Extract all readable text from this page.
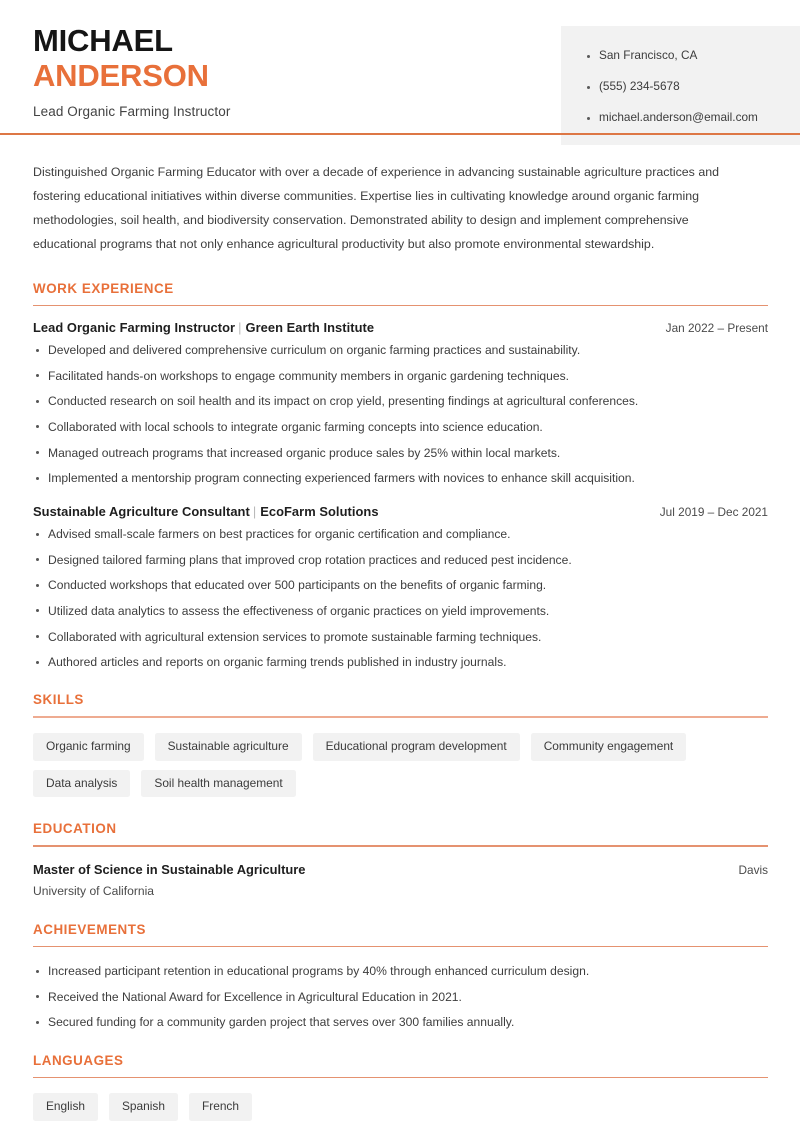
MICHAEL
ANDERSON
Lead Organic Farming Instructor
San Francisco, CA
(555) 234-5678
michael.anderson@email.com

Distinguished Organic Farming Educator with over a decade of experience in advancing sustainable agriculture practices and fostering educational initiatives within diverse communities. Expertise lies in cultivating knowledge around organic farming methodologies, soil health, and biodiversity conservation. Demonstrated ability to design and implement comprehensive educational programs that not only enhance agricultural productivity but also promote environmental stewardship.

WORK EXPERIENCE
Lead Organic Farming Instructor | Green Earth Institute	Jan 2022 – Present
Developed and delivered comprehensive curriculum on organic farming practices and sustainability.
Facilitated hands-on workshops to engage community members in organic gardening techniques.
Conducted research on soil health and its impact on crop yield, presenting findings at agricultural conferences.
Collaborated with local schools to integrate organic farming concepts into science education.
Managed outreach programs that increased organic produce sales by 25% within local markets.
Implemented a mentorship program connecting experienced farmers with novices to enhance skill acquisition.
Sustainable Agriculture Consultant | EcoFarm Solutions	Jul 2019 – Dec 2021
Advised small-scale farmers on best practices for organic certification and compliance.
Designed tailored farming plans that improved crop rotation practices and reduced pest incidence.
Conducted workshops that educated over 500 participants on the benefits of organic farming.
Utilized data analytics to assess the effectiveness of organic practices on yield improvements.
Collaborated with agricultural extension services to promote sustainable farming techniques.
Authored articles and reports on organic farming trends published in industry journals.
SKILLS
Organic farming	Sustainable agriculture	Educational program development	Community engagement
Data analysis	Soil health management
EDUCATION
Master of Science in Sustainable Agriculture	Davis
University of California
ACHIEVEMENTS
Increased participant retention in educational programs by 40% through enhanced curriculum design.
Received the National Award for Excellence in Agricultural Education in 2021.
Secured funding for a community garden project that serves over 300 families annually.
LANGUAGES
English	Spanish	French
